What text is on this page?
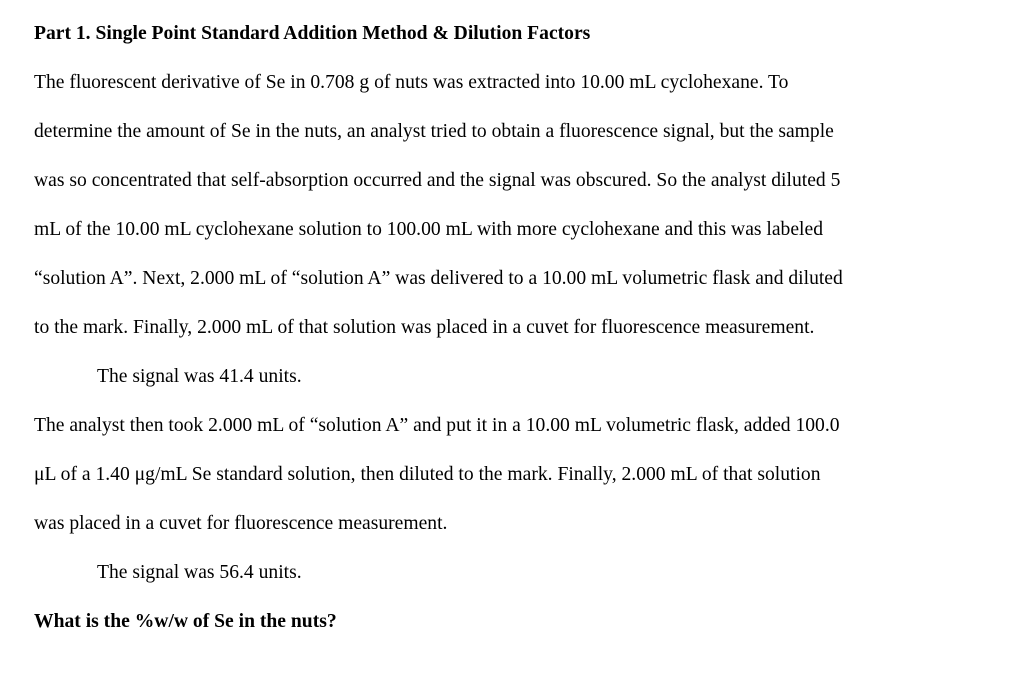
Part 1. Single Point Standard Addition Method & Dilution Factors
The fluorescent derivative of Se in 0.708 g of nuts was extracted into 10.00 mL cyclohexane. To
determine the amount of Se in the nuts, an analyst tried to obtain a fluorescence signal, but the sample
was so concentrated that self-absorption occurred and the signal was obscured. So the analyst diluted 5
mL of the 10.00 mL cyclohexane solution to 100.00 mL with more cyclohexane and this was labeled
“solution A”. Next, 2.000 mL of “solution A” was delivered to a 10.00 mL volumetric flask and diluted
to the mark. Finally, 2.000 mL of that solution was placed in a cuvet for fluorescence measurement.
The signal was 41.4 units.
The analyst then took 2.000 mL of “solution A” and put it in a 10.00 mL volumetric flask, added 100.0
μL of a 1.40 μg/mL Se standard solution, then diluted to the mark. Finally, 2.000 mL of that solution
was placed in a cuvet for fluorescence measurement.
The signal was 56.4 units.
What is the %w/w of Se in the nuts?
